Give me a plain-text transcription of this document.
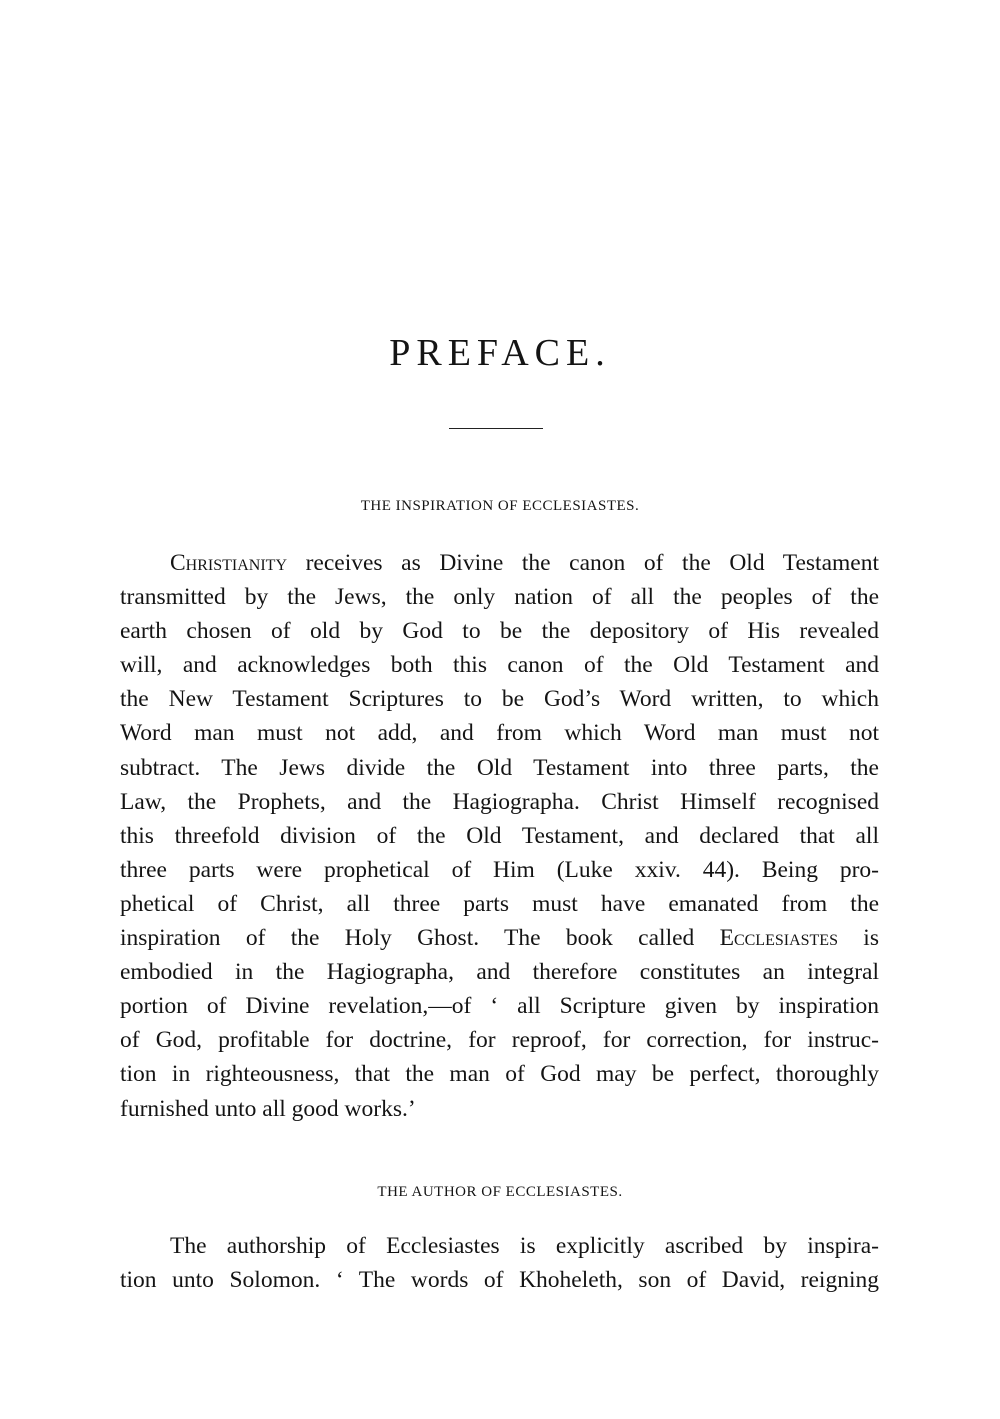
PREFACE.
THE INSPIRATION OF ECCLESIASTES.

Christianity receives as Divine the canon of the Old Testament
transmitted by the Jews, the only nation of all the peoples of the
earth chosen of old by God to be the depository of His revealed
will, and acknowledges both this canon of the Old Testament and
the New Testament Scriptures to be God’s Word written, to which
Word man must not add, and from which Word man must not
subtract. The Jews divide the Old Testament into three parts, the
Law, the Prophets, and the Hagiographa. Christ Himself recognised
this threefold division of the Old Testament, and declared that all
three parts were prophetical of Him (Luke xxiv. 44). Being pro-
phetical of Christ, all three parts must have emanated from the
inspiration of the Holy Ghost. The book called Ecclesiastes is
embodied in the Hagiographa, and therefore constitutes an integral
portion of Divine revelation,—of ‘ all Scripture given by inspiration
of God, profitable for doctrine, for reproof, for correction, for instruc-
tion in righteousness, that the man of God may be perfect, thoroughly
furnished unto all good works.’

THE AUTHOR OF ECCLESIASTES.

The authorship of Ecclesiastes is explicitly ascribed by inspira-
tion unto Solomon. ‘ The words of Khoheleth, son of David, reigning
